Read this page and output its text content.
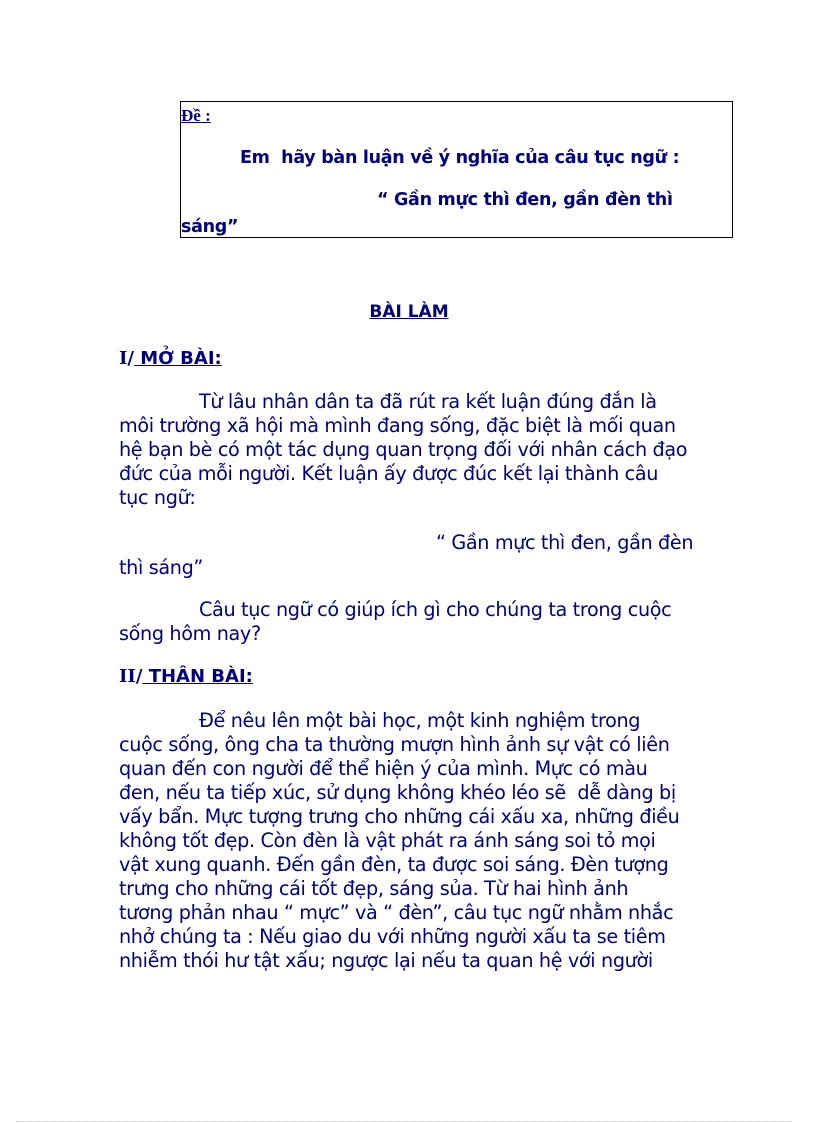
Đề :
Em  hãy bàn luận về ý nghĩa của câu tục ngữ :
“ Gần mực thì đen, gần đèn thì
sáng”
BÀI LÀM
I/ MỞ BÀI:
Từ lâu nhân dân ta đã rút ra kết luận đúng đắn là
môi trường xã hội mà mình đang sống, đặc biệt là mối quan
hệ bạn bè có một tác dụng quan trọng đối với nhân cách đạo
đức của mỗi người. Kết luận ấy được đúc kết lại thành câu
tục ngữ:
“ Gần mực thì đen, gần đèn
thì sáng”
Câu tục ngữ có giúp ích gì cho chúng ta trong cuộc
sống hôm nay?
II/ THÂN BÀI:
Để nêu lên một bài học, một kinh nghiệm trong
cuộc sống, ông cha ta thường mượn hình ảnh sự vật có liên
quan đến con người để thể hiện ý của mình. Mực có màu
đen, nếu ta tiếp xúc, sử dụng không khéo léo sẽ  dễ dàng bị
vấy bẩn. Mực tượng trưng cho những cái xấu xa, những điều
không tốt đẹp. Còn đèn là vật phát ra ánh sáng soi tỏ mọi
vật xung quanh. Đến gần đèn, ta được soi sáng. Đèn tượng
trưng cho những cái tốt đẹp, sáng sủa. Từ hai hình ảnh
tương phản nhau “ mực” và “ đèn”, câu tục ngữ nhằm nhắc
nhở chúng ta : Nếu giao du với những người xấu ta se tiêm
nhiễm thói hư tật xấu; ngược lại nếu ta quan hệ với người
